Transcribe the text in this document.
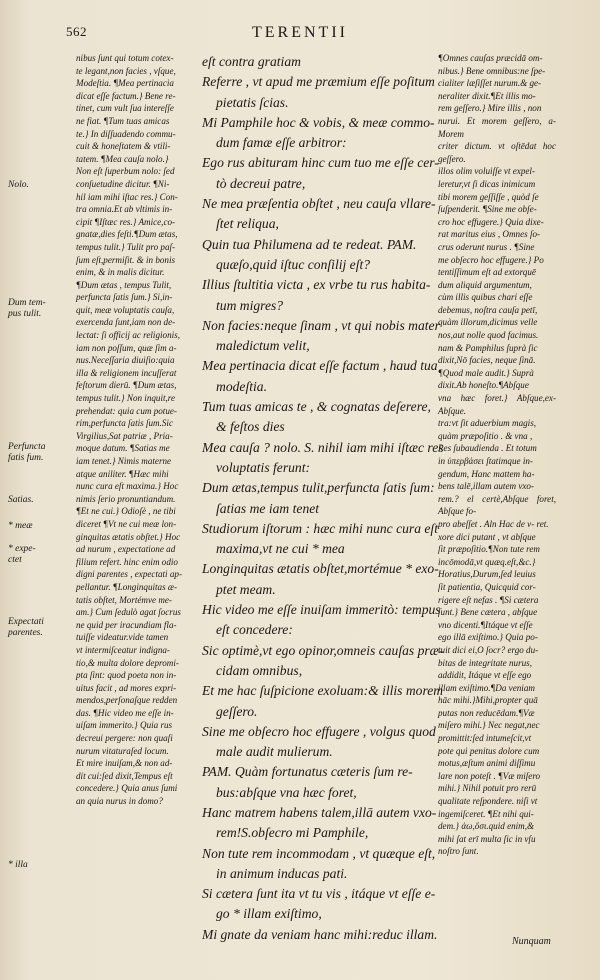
562	TERENTII
Nolo.
Dum tem-
pus tulit.
Perfuncta
fatis fum.
Satias.
* meæ
* expe-
ctet
Expectati
parentes.
* illa

nibus ſunt qui totum cotex-

te legant,non facies , vſque,

Modeſtia. ¶Mea pertinacia

dicat eſſe factum.} Bene re-

tinet, cum vult ſua intereſſe

ne fiat. ¶Tum tuas amicas

te.} In diſſuadendo commu-

cuit & honeſtatem & vtili-

tatem. ¶Mea cauſa nolo.}

Non eſt ſuperbum nolo: ſed

conſuetudine dicitur. ¶Ni-

hil iam mihi iſtac res.} Con-

tra omnia.Et ab vltimis in-

cipit ¶Iſtæc res.} Amice,co-

gnatæ,dies feſti.¶Dum ætas,

tempus tulit.} Tulit pro paſ-

ſum eſt,permiſit. & in bonis

enim, & in malis dicitur.

¶Dum ætas , tempus Tulit,

perfuncta ſatis ſum.} Si,in-

quit, meæ voluptatis cauſa,

exercenda ſunt,iam non de-

lectat: ſi officij ac religionis,

iam non poſſum, quæ ſim a-

nus.Neceſſaria diuiſio:quia

illa & religionem incuſſerat

feſtorum dierū. ¶Dum ætas,

tempus tulit.} Non inquit,re

prehendat: quia cum potue-

rim,perfuncta ſatis ſum.Sic

Virgilius,Sat patriæ , Pria-

moque datum. ¶Satias me

iam tenet.} Nimis materne

atque aniliter. ¶Hæc mihi

nunc cura eſt maxima.} Hoc

nimis ſerio pronuntiandum.

¶Et ne cui.} Odioſè , ne tibi

diceret ¶Vt ne cui meæ lon-

ginquitas ætatis obſtet.} Hoc

ad nurum , expectatione ad

filium refert. hinc enim odio

digni parentes , expectati ap-

pellantur. ¶Longinquitas æ-

tatis obſtet, Mortémve me-

am.} Cum ſedulò agat ſocrus

ne quid per iracundiam fla-

tuiſſe videatur.vide tamen

vt intermiſceatur indigna-

tio,& multa dolore depromi-

pta ſint: quod poeta non in-

uitus facit , ad mores expri-

mendos,perſonaſque redden

das. ¶Hic video me eſſe in-

uiſam immerito.} Quia rus

decreui pergere: non quaſi

nurum vitaturaſed locum.

Et mire inuiſam,& non ad-

dit cui:ſed dixit,Tempus eſt

concedere.} Quia anus ſumi

an quia nurus in domo?

eſt contra gratiam

Referre , vt apud me præmium eſſe poſitum

pietatis ſcias.

Mi Pamphile hoc & vobis, & meæ commo-

dum famæ eſſe arbitror:

Ego rus abituram hinc cum tuo me eſſe cer-

tò decreui patre,

Ne mea præſentia obſtet , neu cauſa vllare-

ſtet reliqua,

Quin tua Philumena ad te redeat. PAM.

quæſo,quid iſtuc conſilij eſt?

Illius ſtultitia victa , ex vrbe tu rus habita-

tum migres?

Non facies:neque ſinam , vt qui nobis mater

maledictum velit,

Mea pertinacia dicat eſſe factum , haud tua

modeſtia.

Tum tuas amicas te , & cognatas deſerere,

& feſtos dies

Mea cauſa ? nolo. S. nihil iam mihi iſtæc res

voluptatis ferunt:

Dum ætas,tempus tulit,perfuncta ſatis ſum:

ſatias me iam tenet

Studiorum iſtorum : hæc mihi nunc cura eſt

maxima,vt ne cui * mea

Longinquitas ætatis obſtet,mortémue * exo-

ptet meam.

Hic video me eſſe inuiſam immeritò: tempus

eſt concedere:

Sic optimè,vt ego opinor,omneis cauſas præ-

cidam omnibus,

Et me hac ſuſpicione exoluam:& illis morem

geſſero.

Sine me obſecro hoc effugere , volgus quod

male audit mulierum.

PAM. Quàm fortunatus cæteris ſum re-

bus:abſque vna hæc foret,

Hanc matrem habens talem,illā autem vxo-

rem!S.obſecro mi Pamphile,

Non tute rem incommodam , vt quæque eſt,

in animum inducas pati.

Si cætera ſunt ita vt tu vis , itáque vt eſſe e-

go * illam exiſtimo,

Mi gnate da veniam hanc mihi:reduc illam.

¶Omnes cauſas præcidā om-

nibus.} Bene omnibus:ne ſpe-

cialiter læſiſſet nurum.& ge-

neraliter dixit.¶Et illis mo-

rem geſſero.} Mire illis , non

nurui. Et morem geſſero, a- Morem

criter dictum. vt oſtēdat hoc geſſero.

illos olim voluiſſe vt expel-

leretur,vt ſi dicas inimicum

tibi morem geſſiſſe , quòd ſe

ſuſpenderit. ¶Sine me obſe-

cro hoc effugere.} Quia dixe-

rat maritus eius , Omnes ſo-

crus oderunt nurus . ¶Sine

me obſecro hoc effugere.} Po

tentiſſimum eſt ad extorquē

dum aliquid argumentum,

cùm illis quibus chari eſſe

debemus, noſtra cauſa petī,

quàm illorum,dicimus velle

nos,aut nolle quod facimus.

nam & Pamphilus ſuprà ſic

dixit,Nō facies, neque ſinā.

¶Quod male audit.} Suprà

dixit.Ab honeſto.¶Abſque

vna hæc foret.} Abſque,ex- Abſque.

tra:vt ſit aduerbium magis,

quàm præpoſitio . & vna ,

Res ſubaudienda . Et totum

in ὑπερβάσει ſtatimque in-

gendum, Hanc mattem ha-

bens talē,illam autem vxo-

rem.? el certè,Abſque foret, Abſque fo-

pro abeſſet . Aln Hac de v- ret.

xore dici putant , vt abſque

ſit præpoſitio.¶Non tute rem

incōmodā,vt quæq.eſt,&c.}

Horatius,Durum,ſed leuius

ſit patientia, Quicquid cor-

rigere eſt nefas . ¶Si cætera

ſunt.} Bene cætera , abſque

vno dicenti.¶Itáque vt eſſe

ego illā exiſtimo.} Quia po-

tuit dici ei,O ſocr? ergo du-

bitas de integritate nurus,

addidit, Itáque vt eſſe ego

illam exiſtimo.¶Da veniam

hāc mihi.}Mihi,propter quā

putas non reducēdam.¶Væ

miſero mihi.} Nec negat,nec

promittit:ſed intumeſcit,vt

pote qui penitus dolore cum

motus,æſtum animi diſſimu

lare non poteſt . ¶Væ miſero

mihi.} Nihil potuit pro rerū

qualitate reſpondere. niſi vt

ingemiſceret. ¶Et nihi qui-

dem.} ἀω,ὅσι.quid enim,&

mihi ſat erī multa ſic in vſu

noſtro ſunt.

Nunquam
